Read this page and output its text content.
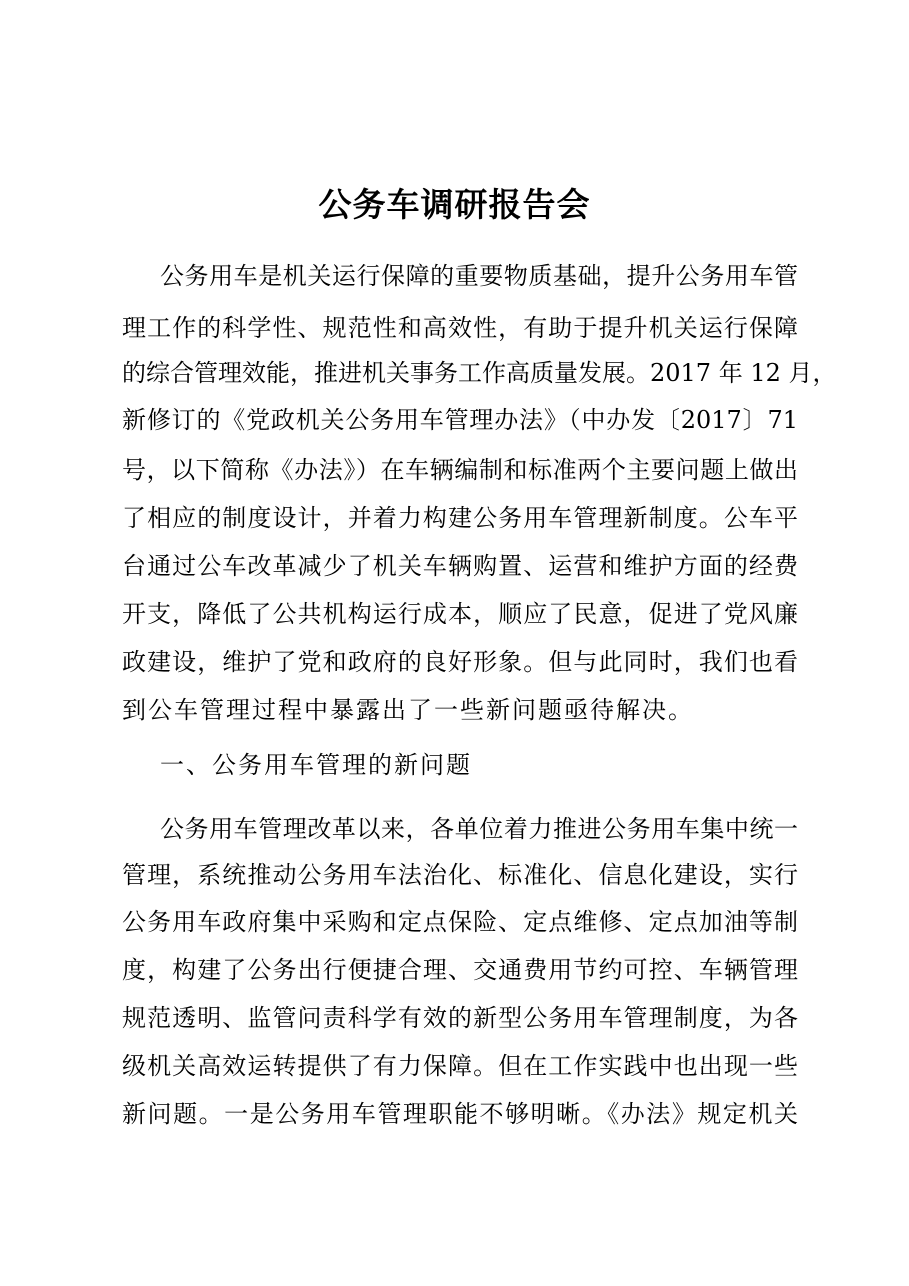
公务车调研报告会
公务用车是机关运行保障的重要物质基础，提升公务用车管
理工作的科学性、规范性和高效性，有助于提升机关运行保障
的综合管理效能，推进机关事务工作高质量发展。2017 年 12 月，
新修订的《党政机关公务用车管理办法》（中办发〔2017〕71
号，以下简称《办法》）在车辆编制和标准两个主要问题上做出
了相应的制度设计，并着力构建公务用车管理新制度。公车平
台通过公车改革减少了机关车辆购置、运营和维护方面的经费
开支，降低了公共机构运行成本，顺应了民意，促进了党风廉
政建设，维护了党和政府的良好形象。但与此同时，我们也看
到公车管理过程中暴露出了一些新问题亟待解决。
一、公务用车管理的新问题
公务用车管理改革以来，各单位着力推进公务用车集中统一
管理，系统推动公务用车法治化、标准化、信息化建设，实行
公务用车政府集中采购和定点保险、定点维修、定点加油等制
度，构建了公务出行便捷合理、交通费用节约可控、车辆管理
规范透明、监管问责科学有效的新型公务用车管理制度，为各
级机关高效运转提供了有力保障。但在工作实践中也出现一些
新问题。一是公务用车管理职能不够明晰。《办法》规定机关
